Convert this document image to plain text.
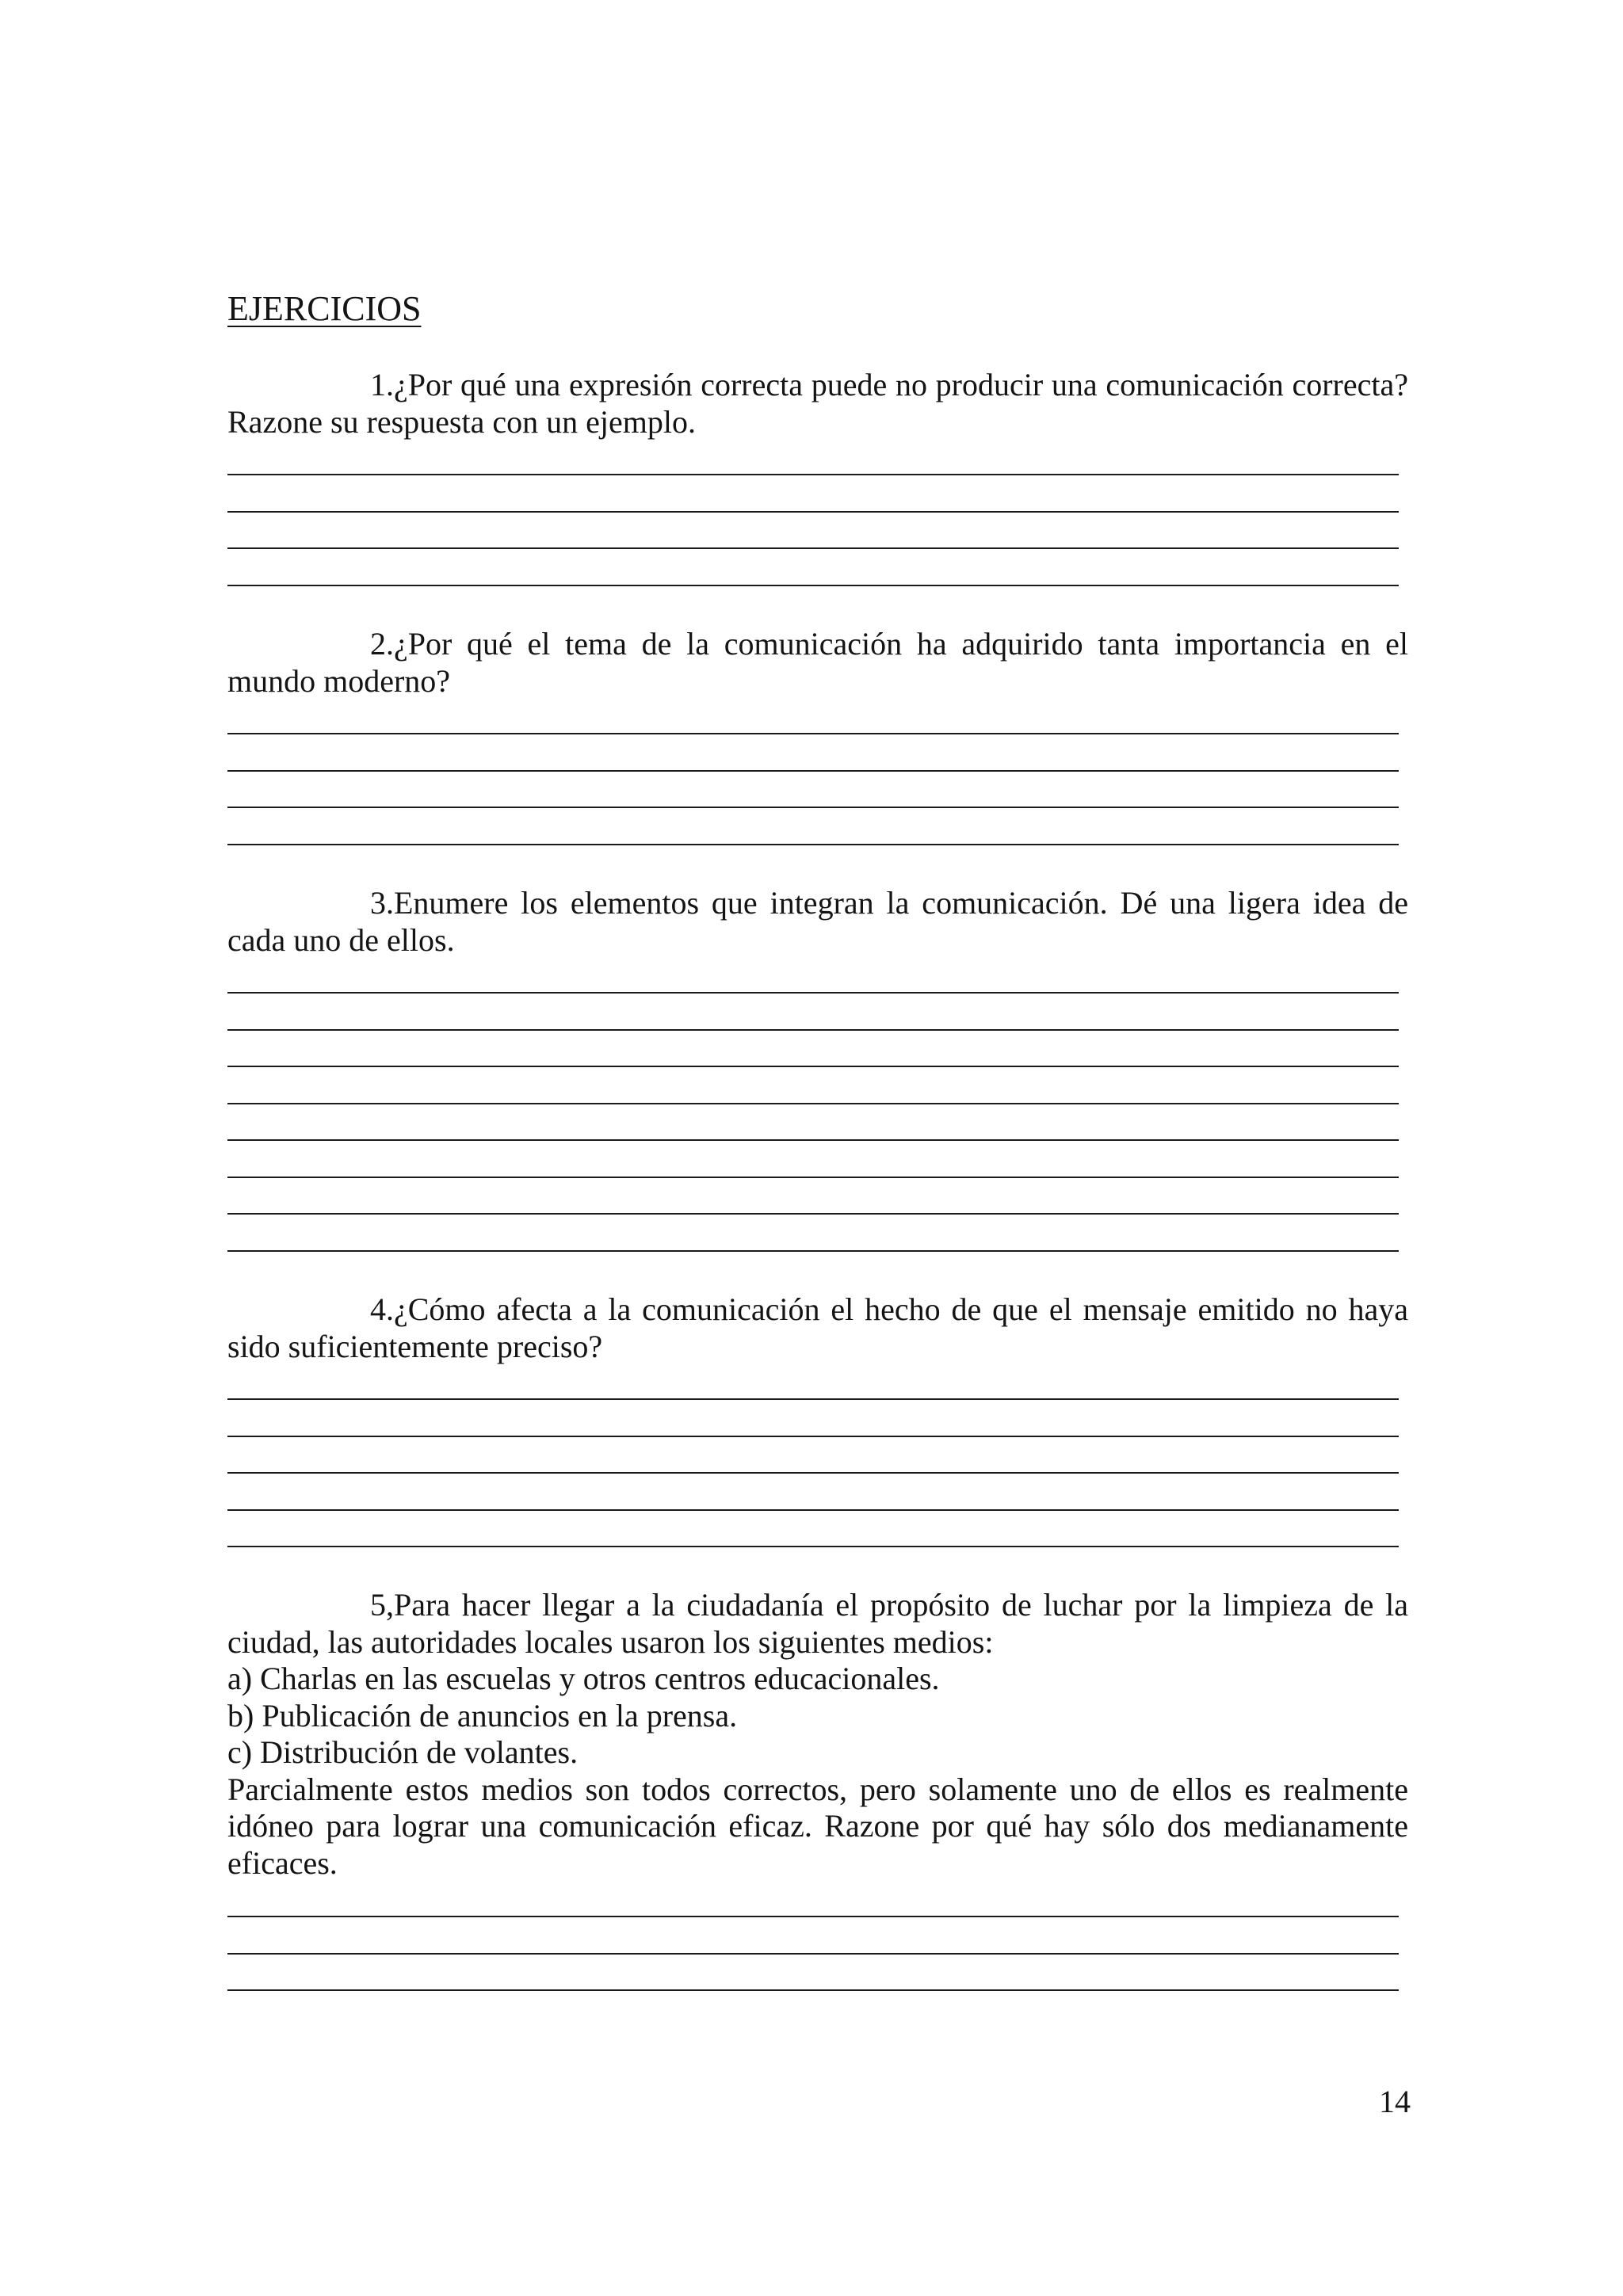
EJERCICIOS

1.¿Por qué una expresión correcta puede no producir una comunicación correcta? Razone su respuesta con un ejemplo.

2.¿Por qué el tema de la comunicación ha adquirido tanta importancia en el mundo moderno?

3.Enumere los elementos que integran la comunicación. Dé una ligera idea de cada uno de ellos.

4.¿Cómo afecta a la comunicación el hecho de que el mensaje emitido no haya sido suficientemente preciso?

5,Para hacer llegar a la ciudadanía el propósito de luchar por la limpieza de la ciudad, las autoridades locales usaron los siguientes medios:

a) Charlas en las escuelas y otros centros educacionales.

b) Publicación de anuncios en la prensa.

c) Distribución de volantes.

Parcialmente estos medios son todos correctos, pero solamente uno de ellos es realmente idóneo para lograr una comunicación eficaz. Razone por qué hay sólo dos medianamente eficaces.

14
